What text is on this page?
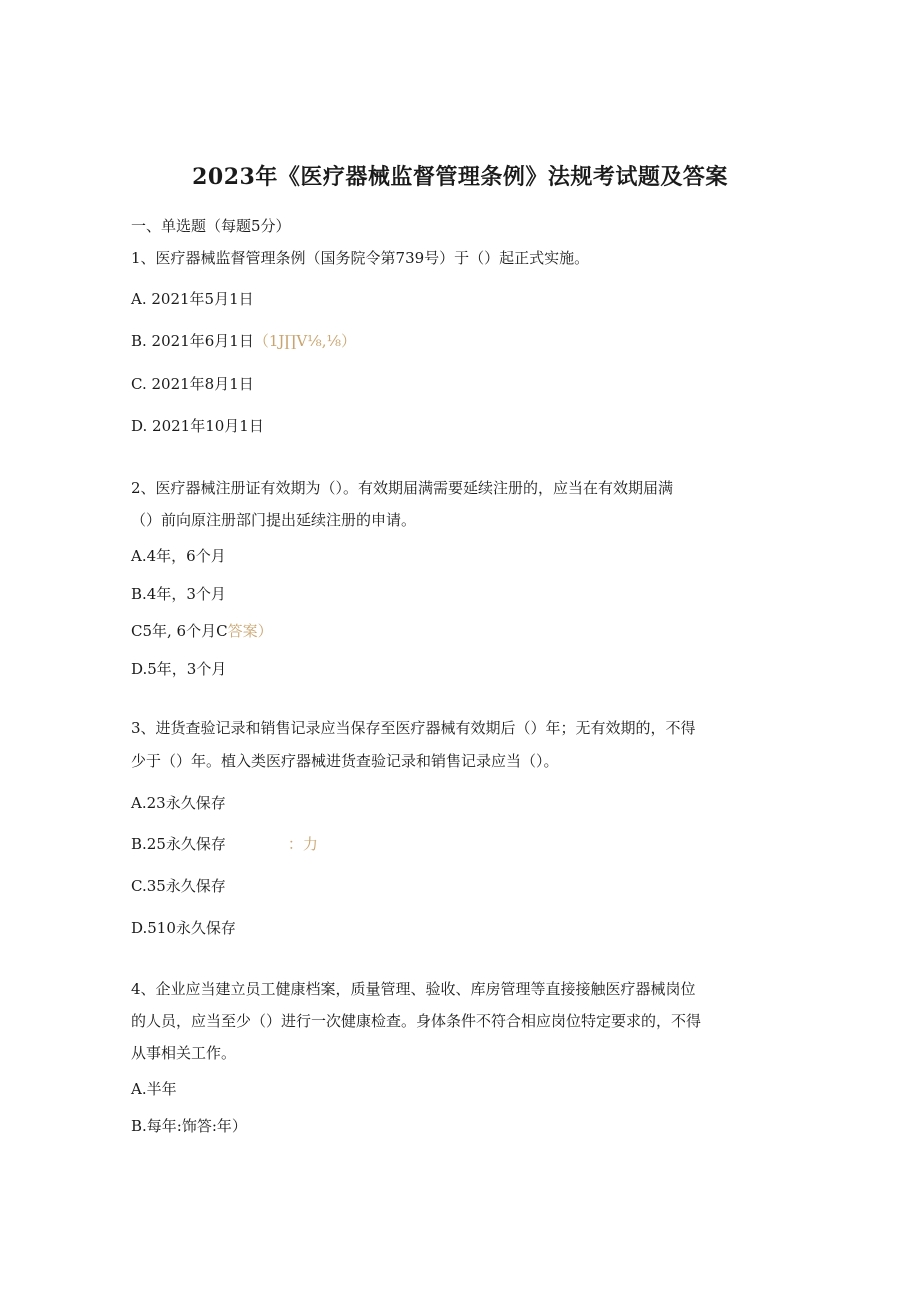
2023年《医疗器械监督管理条例》法规考试题及答案
一、单选题（每题5分）
1、医疗器械监督管理条例（国务院令第739号）于（）起正式实施。
A. 2021年5月1日
B. 2021年6月1日（1J∏V⅛,⅛）
C. 2021年8月1日
D. 2021年10月1日
2、医疗器械注册证有效期为（）。有效期届满需要延续注册的，应当在有效期届满
（）前向原注册部门提出延续注册的申请。
A.4年，6个月
B.4年，3个月
C5年, 6个月C答案）
D.5年，3个月
3、进货查验记录和销售记录应当保存至医疗器械有效期后（）年；无有效期的，不得
少于（）年。植入类医疗器械进货查验记录和销售记录应当（）。
A.23永久保存
B.25永久保存	：力
C.35永久保存
D.510永久保存
4、企业应当建立员工健康档案，质量管理、验收、库房管理等直接接触医疗器械岗位
的人员，应当至少（）进行一次健康检查。身体条件不符合相应岗位特定要求的，不得
从事相关工作。
A.半年
B.每年:饰答:年）
